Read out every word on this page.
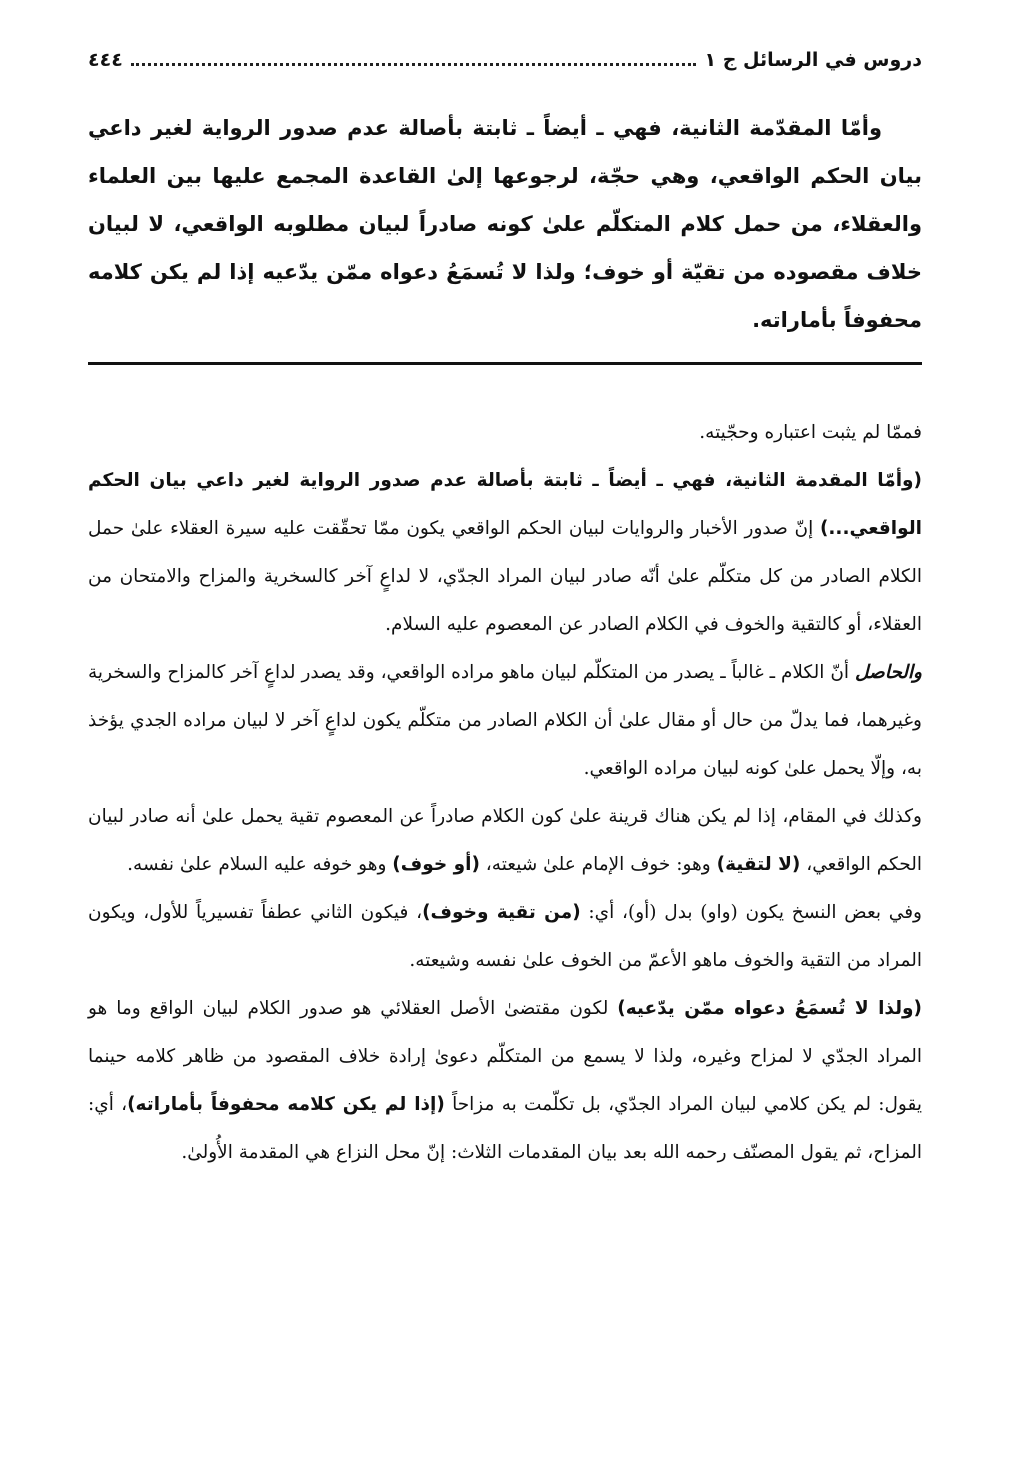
دروس في الرسائل ج ١
٤٤٤
وأمّا المقدّمة الثانية، فهي ـ أيضاً ـ ثابتة بأصالة عدم صدور الرواية لغير داعي بيان الحكم الواقعي، وهي حجّة، لرجوعها إلىٰ القاعدة المجمع عليها بين العلماء والعقلاء، من حمل كلام المتكلّم علىٰ كونه صادراً لبيان مطلوبه الواقعي، لا لبيان خلاف مقصوده من تقيّة أو خوف؛ ولذا لا تُسمَعُ دعواه ممّن يدّعيه إذا لم يكن كلامه محفوفاً بأماراته.

فممّا لم يثبت اعتباره وحجّيته.

(وأمّا المقدمة الثانية، فهي ـ أيضاً ـ ثابتة بأصالة عدم صدور الرواية لغير داعي بيان الحكم الواقعي...) إنّ صدور الأخبار والروايات لبيان الحكم الواقعي يكون ممّا تحقّقت عليه سيرة العقلاء علىٰ حمل الكلام الصادر من كل متكلّم علىٰ أنّه صادر لبيان المراد الجدّي، لا لداعٍ آخر كالسخرية والمزاح والامتحان من العقلاء، أو كالتقية والخوف في الكلام الصادر عن المعصوم عليه السلام.

والحاصل أنّ الكلام ـ غالباً ـ يصدر من المتكلّم لبيان ماهو مراده الواقعي، وقد يصدر لداعٍ آخر كالمزاح والسخرية وغيرهما، فما يدلّ من حال أو مقال علىٰ أن الكلام الصادر من متكلّم يكون لداعٍ آخر لا لبيان مراده الجدي يؤخذ به، وإلّا يحمل علىٰ كونه لبيان مراده الواقعي.

وكذلك في المقام، إذا لم يكن هناك قرينة علىٰ كون الكلام صادراً عن المعصوم تقية يحمل علىٰ أنه صادر لبيان الحكم الواقعي، (لا لتقية) وهو: خوف الإمام علىٰ شيعته، (أو خوف) وهو خوفه عليه السلام علىٰ نفسه.

وفي بعض النسخ يكون (واو) بدل (أو)، أي: (من تقية وخوف)، فيكون الثاني عطفاً تفسيرياً للأول، ويكون المراد من التقية والخوف ماهو الأعمّ من الخوف علىٰ نفسه وشيعته.

(ولذا لا تُسمَعُ دعواه ممّن يدّعيه) لكون مقتضىٰ الأصل العقلائي هو صدور الكلام لبيان الواقع وما هو المراد الجدّي لا لمزاح وغيره، ولذا لا يسمع من المتكلّم دعوىٰ إرادة خلاف المقصود من ظاهر كلامه حينما يقول: لم يكن كلامي لبيان المراد الجدّي، بل تكلّمت به مزاحاً (إذا لم يكن كلامه محفوفاً بأماراته)، أي: المزاح، ثم يقول المصنّف رحمه الله بعد بيان المقدمات الثلاث: إنّ محل النزاع هي المقدمة الأُولىٰ.
